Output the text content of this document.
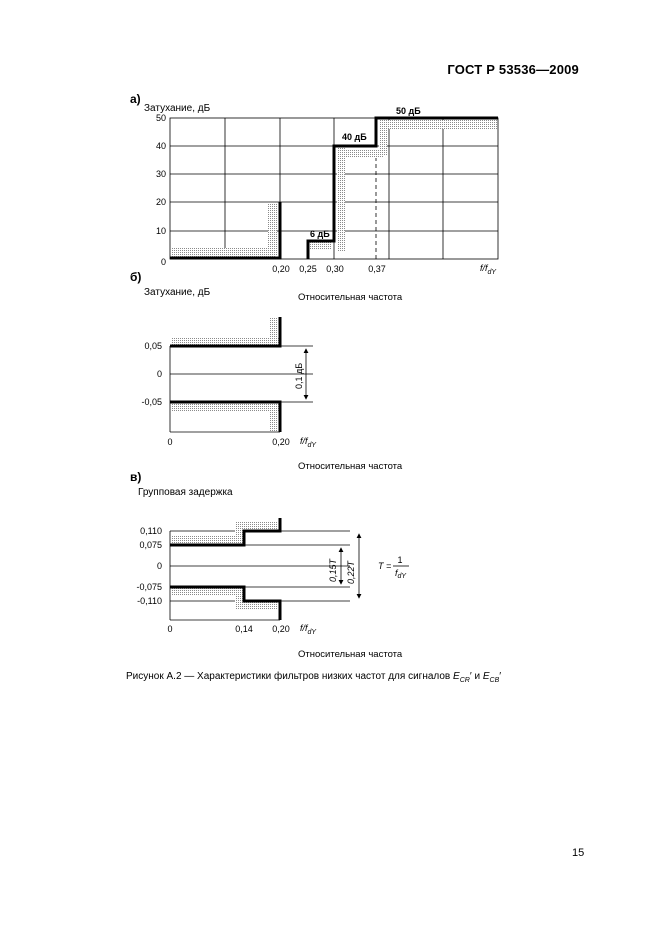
ГОСТ Р 53536—2009

а)

Затухание, дБ

б)

Затухание, дБ	Относительная частота

Относительная частота

в)

Групповая задержка

Относительная частота

6 дБ
40 дБ
50 дБ
50
40
30
20
10
0
0,20 0,25 0,30	0,37	$f/f_{dY}$
0,1 дБ
0,05
0
-0,05
0	0,20 $f/f_{dY}$
0,15T 0,22T T =
1
$f_{dY}$
0,110
0,075
0
-0,075
-0,110
0	0,14 0,20 $f/f_{dY}$

Рисунок А.2 — Характеристики фильтров низких частот для сигналов $E_{CR}'$ и $E_{CB}'$

15
